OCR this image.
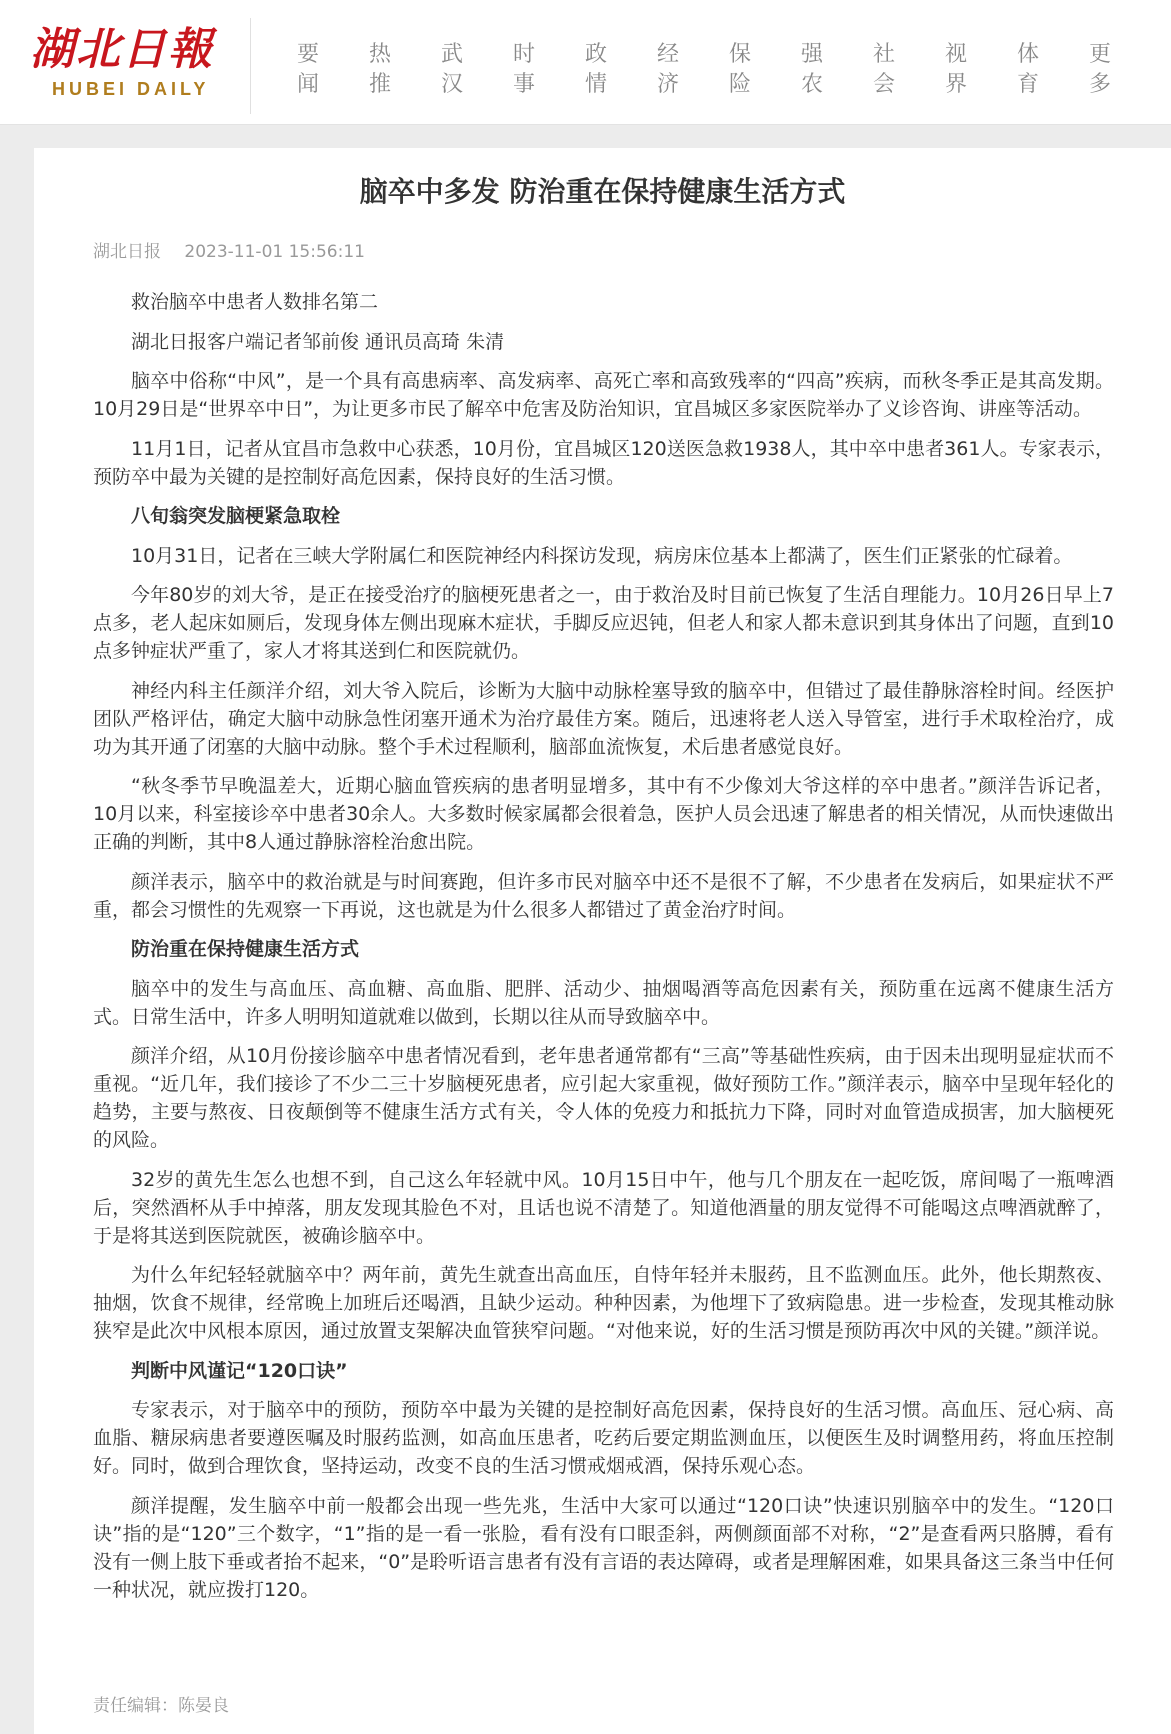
湖北日報
HUBEI DAILY
要
闻
热
推
武
汉
时
事
政
情
经
济
保
险
强
农
社
会
视
界
体
育
更
多
脑卒中多发 防治重在保持健康生活方式
湖北日报 2023-11-01 15:56:11

救治脑卒中患者人数排名第二

湖北日报客户端记者邹前俊 通讯员高琦 朱清

脑卒中俗称“中风”，是一个具有高患病率、高发病率、高死亡率和高致残率的“四高”疾病，而秋冬季正是其高发期。10月29日是“世界卒中日”，为让更多市民了解卒中危害及防治知识，宜昌城区多家医院举办了义诊咨询、讲座等活动。

11月1日，记者从宜昌市急救中心获悉，10月份，宜昌城区120送医急救1938人，其中卒中患者361人。专家表示，预防卒中最为关键的是控制好高危因素，保持良好的生活习惯。

八旬翁突发脑梗紧急取栓

10月31日，记者在三峡大学附属仁和医院神经内科探访发现，病房床位基本上都满了，医生们正紧张的忙碌着。

今年80岁的刘大爷，是正在接受治疗的脑梗死患者之一，由于救治及时目前已恢复了生活自理能力。10月26日早上7点多，老人起床如厕后，发现身体左侧出现麻木症状，手脚反应迟钝，但老人和家人都未意识到其身体出了问题，直到10点多钟症状严重了，家人才将其送到仁和医院就仍。

神经内科主任颜洋介绍，刘大爷入院后，诊断为大脑中动脉栓塞导致的脑卒中，但错过了最佳静脉溶栓时间。经医护团队严格评估，确定大脑中动脉急性闭塞开通术为治疗最佳方案。随后，迅速将老人送入导管室，进行手术取栓治疗，成功为其开通了闭塞的大脑中动脉。整个手术过程顺利，脑部血流恢复，术后患者感觉良好。

“秋冬季节早晚温差大，近期心脑血管疾病的患者明显增多，其中有不少像刘大爷这样的卒中患者。”颜洋告诉记者，10月以来，科室接诊卒中患者30余人。大多数时候家属都会很着急，医护人员会迅速了解患者的相关情况，从而快速做出正确的判断，其中8人通过静脉溶栓治愈出院。

颜洋表示，脑卒中的救治就是与时间赛跑，但许多市民对脑卒中还不是很不了解，不少患者在发病后，如果症状不严重，都会习惯性的先观察一下再说，这也就是为什么很多人都错过了黄金治疗时间。

防治重在保持健康生活方式

脑卒中的发生与高血压、高血糖、高血脂、肥胖、活动少、抽烟喝酒等高危因素有关，预防重在远离不健康生活方式。日常生活中，许多人明明知道就难以做到，长期以往从而导致脑卒中。

颜洋介绍，从10月份接诊脑卒中患者情况看到，老年患者通常都有“三高”等基础性疾病，由于因未出现明显症状而不重视。“近几年，我们接诊了不少二三十岁脑梗死患者，应引起大家重视，做好预防工作。”颜洋表示，脑卒中呈现年轻化的趋势，主要与熬夜、日夜颠倒等不健康生活方式有关，令人体的免疫力和抵抗力下降，同时对血管造成损害，加大脑梗死的风险。

32岁的黄先生怎么也想不到，自己这么年轻就中风。10月15日中午，他与几个朋友在一起吃饭，席间喝了一瓶啤酒后，突然酒杯从手中掉落，朋友发现其脸色不对，且话也说不清楚了。知道他酒量的朋友觉得不可能喝这点啤酒就醉了，于是将其送到医院就医，被确诊脑卒中。

为什么年纪轻轻就脑卒中？两年前，黄先生就查出高血压，自恃年轻并未服药，且不监测血压。此外，他长期熬夜、抽烟，饮食不规律，经常晚上加班后还喝酒，且缺少运动。种种因素，为他埋下了致病隐患。进一步检查，发现其椎动脉狭窄是此次中风根本原因，通过放置支架解决血管狭窄问题。“对他来说，好的生活习惯是预防再次中风的关键。”颜洋说。

判断中风谨记“120口诀”

专家表示，对于脑卒中的预防，预防卒中最为关键的是控制好高危因素，保持良好的生活习惯。高血压、冠心病、高血脂、糖尿病患者要遵医嘱及时服药监测，如高血压患者，吃药后要定期监测血压，以便医生及时调整用药，将血压控制好。同时，做到合理饮食，坚持运动，改变不良的生活习惯戒烟戒酒，保持乐观心态。

颜洋提醒，发生脑卒中前一般都会出现一些先兆，生活中大家可以通过“120口诀”快速识别脑卒中的发生。“120口诀”指的是“120”三个数字，“1”指的是一看一张脸，看有没有口眼歪斜，两侧颜面部不对称，“2”是查看两只胳膊，看有没有一侧上肢下垂或者抬不起来，“0”是聆听语言患者有没有言语的表达障碍，或者是理解困难，如果具备这三条当中任何一种状况，就应拨打120。

责任编辑：陈晏良
